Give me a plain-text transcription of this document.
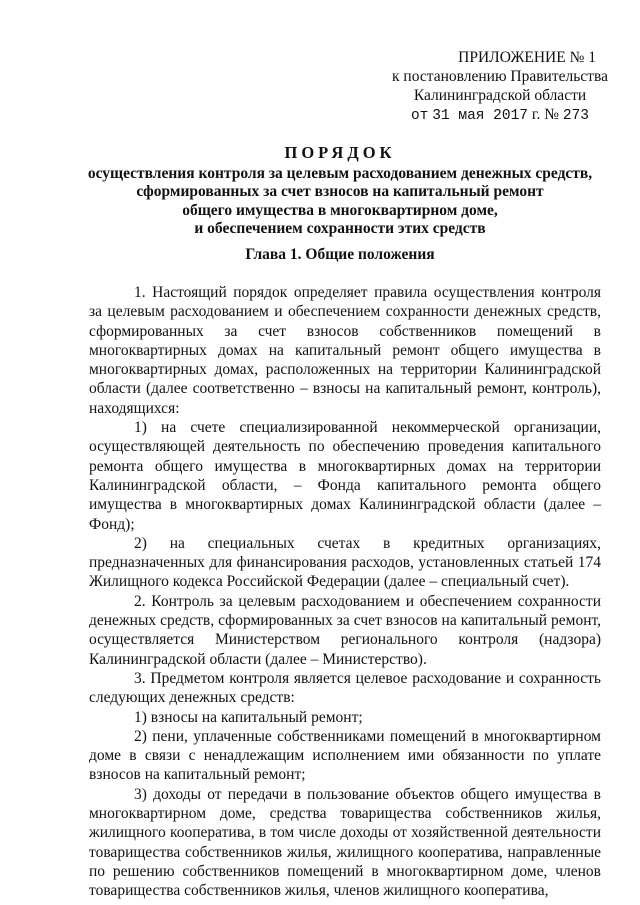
ПРИЛОЖЕНИЕ № 1
к постановлению Правительства
Калининградской области
от 31 мая 2017 г. № 273
ПОРЯДОК
осуществления контроля за целевым расходованием денежных средств,
сформированных за счет взносов на капитальный ремонт
общего имущества в многоквартирном доме,
и обеспечением сохранности этих средств
Глава 1. Общие положения

1. Настоящий порядок определяет правила осуществления контроля за целевым расходованием и обеспечением сохранности денежных средств, сформированных за счет взносов собственников помещений в многоквартирных домах на капитальный ремонт общего имущества в многоквартирных домах, расположенных на территории Калининградской области (далее соответственно – взносы на капитальный ремонт, контроль), находящихся:

1) на счете специализированной некоммерческой организации, осуществляющей деятельность по обеспечению проведения капитального ремонта общего имущества в многоквартирных домах на территории Калининградской области, – Фонда капитального ремонта общего имущества в многоквартирных домах Калининградской области (далее – Фонд);

2) на специальных счетах в кредитных организациях, предназначенных для финансирования расходов, установленных статьей 174 Жилищного кодекса Российской Федерации (далее – специальный счет).

2. Контроль за целевым расходованием и обеспечением сохранности денежных средств, сформированных за счет взносов на капитальный ремонт, осуществляется Министерством регионального контроля (надзора) Калининградской области (далее – Министерство).

3. Предметом контроля является целевое расходование и сохранность следующих денежных средств:

1) взносы на капитальный ремонт;

2) пени, уплаченные собственниками помещений в многоквартирном доме в связи с ненадлежащим исполнением ими обязанности по уплате взносов на капитальный ремонт;

3) доходы от передачи в пользование объектов общего имущества в многоквартирном доме, средства товарищества собственников жилья, жилищного кооператива, в том числе доходы от хозяйственной деятельности товарищества собственников жилья, жилищного кооператива, направленные по решению собственников помещений в многоквартирном доме, членов товарищества собственников жилья, членов жилищного кооператива,
